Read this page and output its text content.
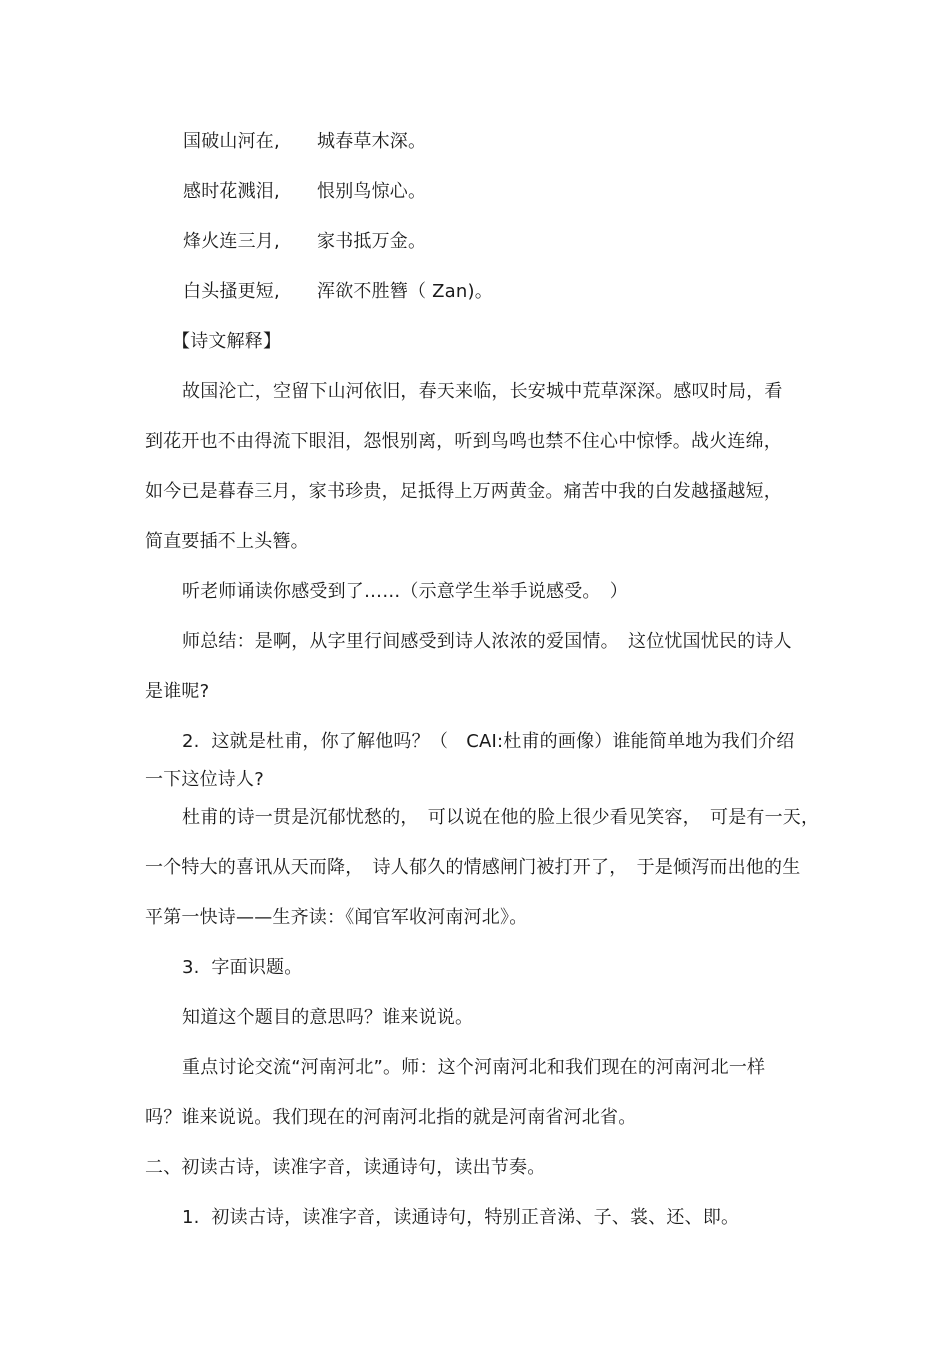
国破山河在, 城春草木深。
感时花溅泪, 恨别鸟惊心。
烽火连三月, 家书抵万金。
白头搔更短, 浑欲不胜簪（ Zan)。
【诗文解释】
故国沦亡，空留下山河依旧，春天来临，长安城中荒草深深。感叹时局，看
到花开也不由得流下眼泪，怨恨别离，听到鸟鸣也禁不住心中惊悸。战火连绵，
如今已是暮春三月，家书珍贵，足抵得上万两黄金。痛苦中我的白发越搔越短，
简直要插不上头簪。
听老师诵读你感受到了……（示意学生举手说感受。　）
师总结：是啊，从字里行间感受到诗人浓浓的爱国情。　这位忧国忧民的诗人
是谁呢?
2.  这就是杜甫，你了解他吗？（　CAI:杜甫的画像）谁能简单地为我们介绍
一下这位诗人?
杜甫的诗一贯是沉郁忧愁的，　可以说在他的脸上很少看见笑容，　可是有一天，
一个特大的喜讯从天而降，　诗人郁久的情感闸门被打开了，　于是倾泻而出他的生
平第一快诗——生齐读：《闻官军收河南河北》。
3.  字面识题。
知道这个题目的意思吗？谁来说说。
重点讨论交流“河南河北”。师：这个河南河北和我们现在的河南河北一样
吗？谁来说说。我们现在的河南河北指的就是河南省河北省。
二、初读古诗，读准字音，读通诗句，读出节奏。
1.  初读古诗，读准字音，读通诗句，特别正音涕、子、裳、还、即。
